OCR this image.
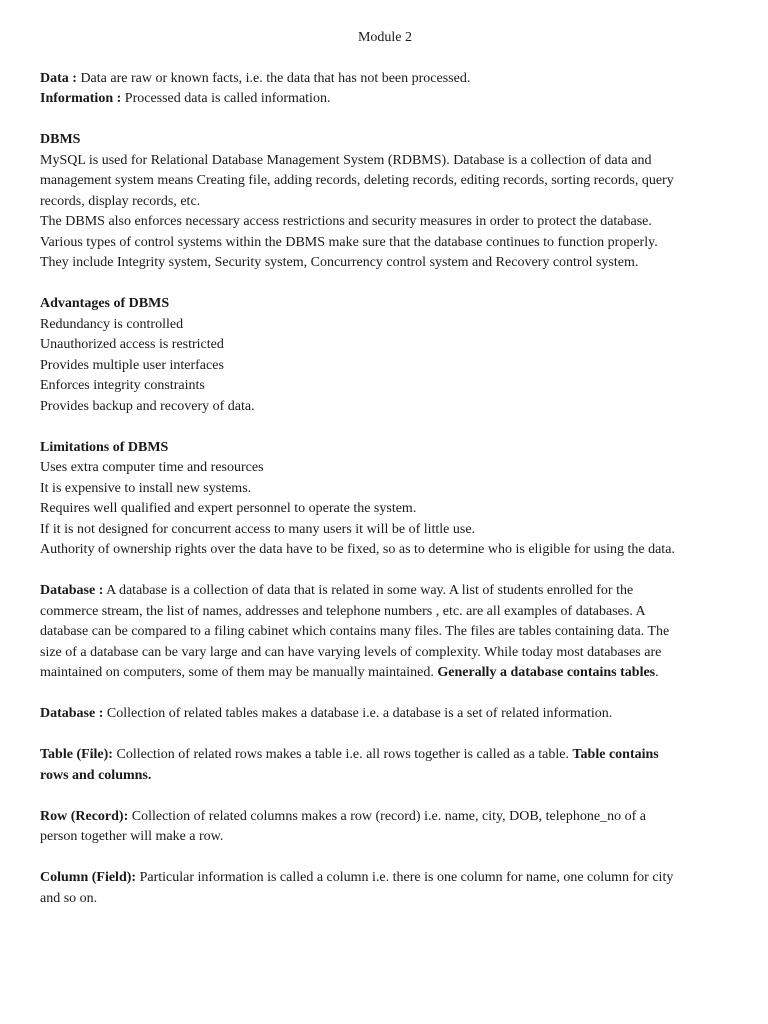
Module 2

Data : Data are raw or known facts, i.e. the data that has not been processed.

Information : Processed data is called information.

DBMS

MySQL is used for Relational Database Management System (RDBMS). Database is a collection of data and

management system means Creating file, adding records, deleting records, editing records, sorting records, query

records, display records, etc.

The DBMS also enforces necessary access restrictions and security measures in order to protect the database.

Various types of control systems within the DBMS make sure that the database continues to function properly.

They include Integrity system, Security system, Concurrency control system and Recovery control system.

Advantages of DBMS

Redundancy is controlled

Unauthorized access is restricted

Provides multiple user interfaces

Enforces integrity constraints

Provides backup and recovery of data.

Limitations of DBMS

Uses extra computer time and resources

It is expensive to install new systems.

Requires well qualified and expert personnel to operate the system.

If it is not designed for concurrent access to many users it will be of little use.

Authority of ownership rights over the data have to be fixed, so as to determine who is eligible for using the data.

Database : A database is a collection of data that is related in some way. A list of students enrolled for the

commerce stream, the list of names, addresses and telephone numbers , etc. are all examples of databases. A

database can be compared to a filing cabinet which contains many files. The files are tables containing data. The

size of a database can be vary large and can have varying levels of complexity. While today most databases are

maintained on computers, some of them may be manually maintained. Generally a database contains tables.

Database : Collection of related tables makes a database i.e. a database is a set of related information.

Table (File): Collection of related rows makes a table i.e. all rows together is called as a table. Table contains

rows and columns.

Row (Record): Collection of related columns makes a row (record) i.e. name, city, DOB, telephone_no of a

person together will make a row.

Column (Field): Particular information is called a column i.e. there is one column for name, one column for city

and so on.
